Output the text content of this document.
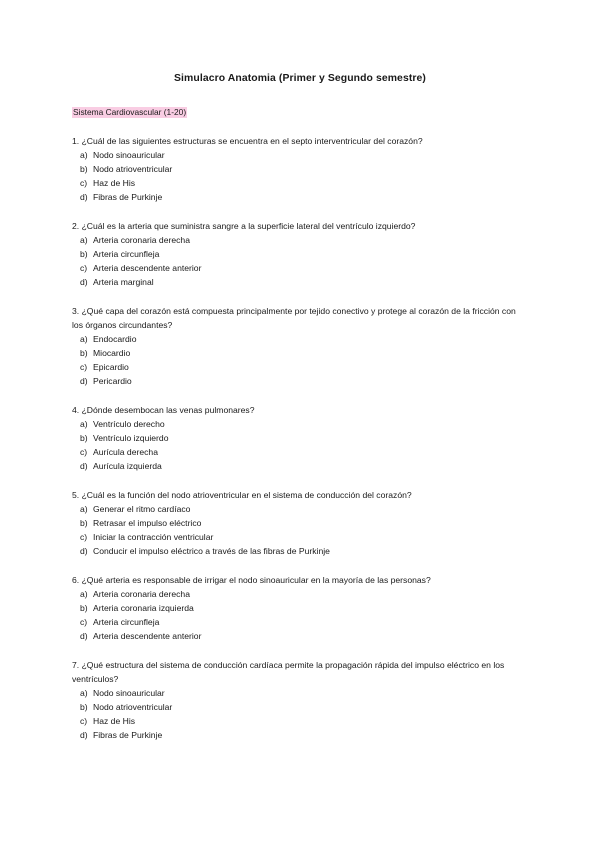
Simulacro Anatomia (Primer y Segundo semestre)
Sistema Cardiovascular (1-20)

1. ¿Cuál de las siguientes estructuras se encuentra en el septo interventricular del corazón?

a) Nodo sinoauricular
b) Nodo atrioventricular
c) Haz de His
d) Fibras de Purkinje

2. ¿Cuál es la arteria que suministra sangre a la superficie lateral del ventrículo izquierdo?

a) Arteria coronaria derecha
b) Arteria circunfleja
c) Arteria descendente anterior
d) Arteria marginal

3. ¿Qué capa del corazón está compuesta principalmente por tejido conectivo y protege al corazón de la fricción con los órganos circundantes?

a) Endocardio
b) Miocardio
c) Epicardio
d) Pericardio

4. ¿Dónde desembocan las venas pulmonares?

a) Ventrículo derecho
b) Ventrículo izquierdo
c) Aurícula derecha
d) Aurícula izquierda

5. ¿Cuál es la función del nodo atrioventricular en el sistema de conducción del corazón?

a) Generar el ritmo cardíaco
b) Retrasar el impulso eléctrico
c) Iniciar la contracción ventricular
d) Conducir el impulso eléctrico a través de las fibras de Purkinje

6. ¿Qué arteria es responsable de irrigar el nodo sinoauricular en la mayoría de las personas?

a) Arteria coronaria derecha
b) Arteria coronaria izquierda
c) Arteria circunfleja
d) Arteria descendente anterior

7. ¿Qué estructura del sistema de conducción cardíaca permite la propagación rápida del impulso eléctrico en los ventrículos?

a) Nodo sinoauricular
b) Nodo atrioventricular
c) Haz de His
d) Fibras de Purkinje
